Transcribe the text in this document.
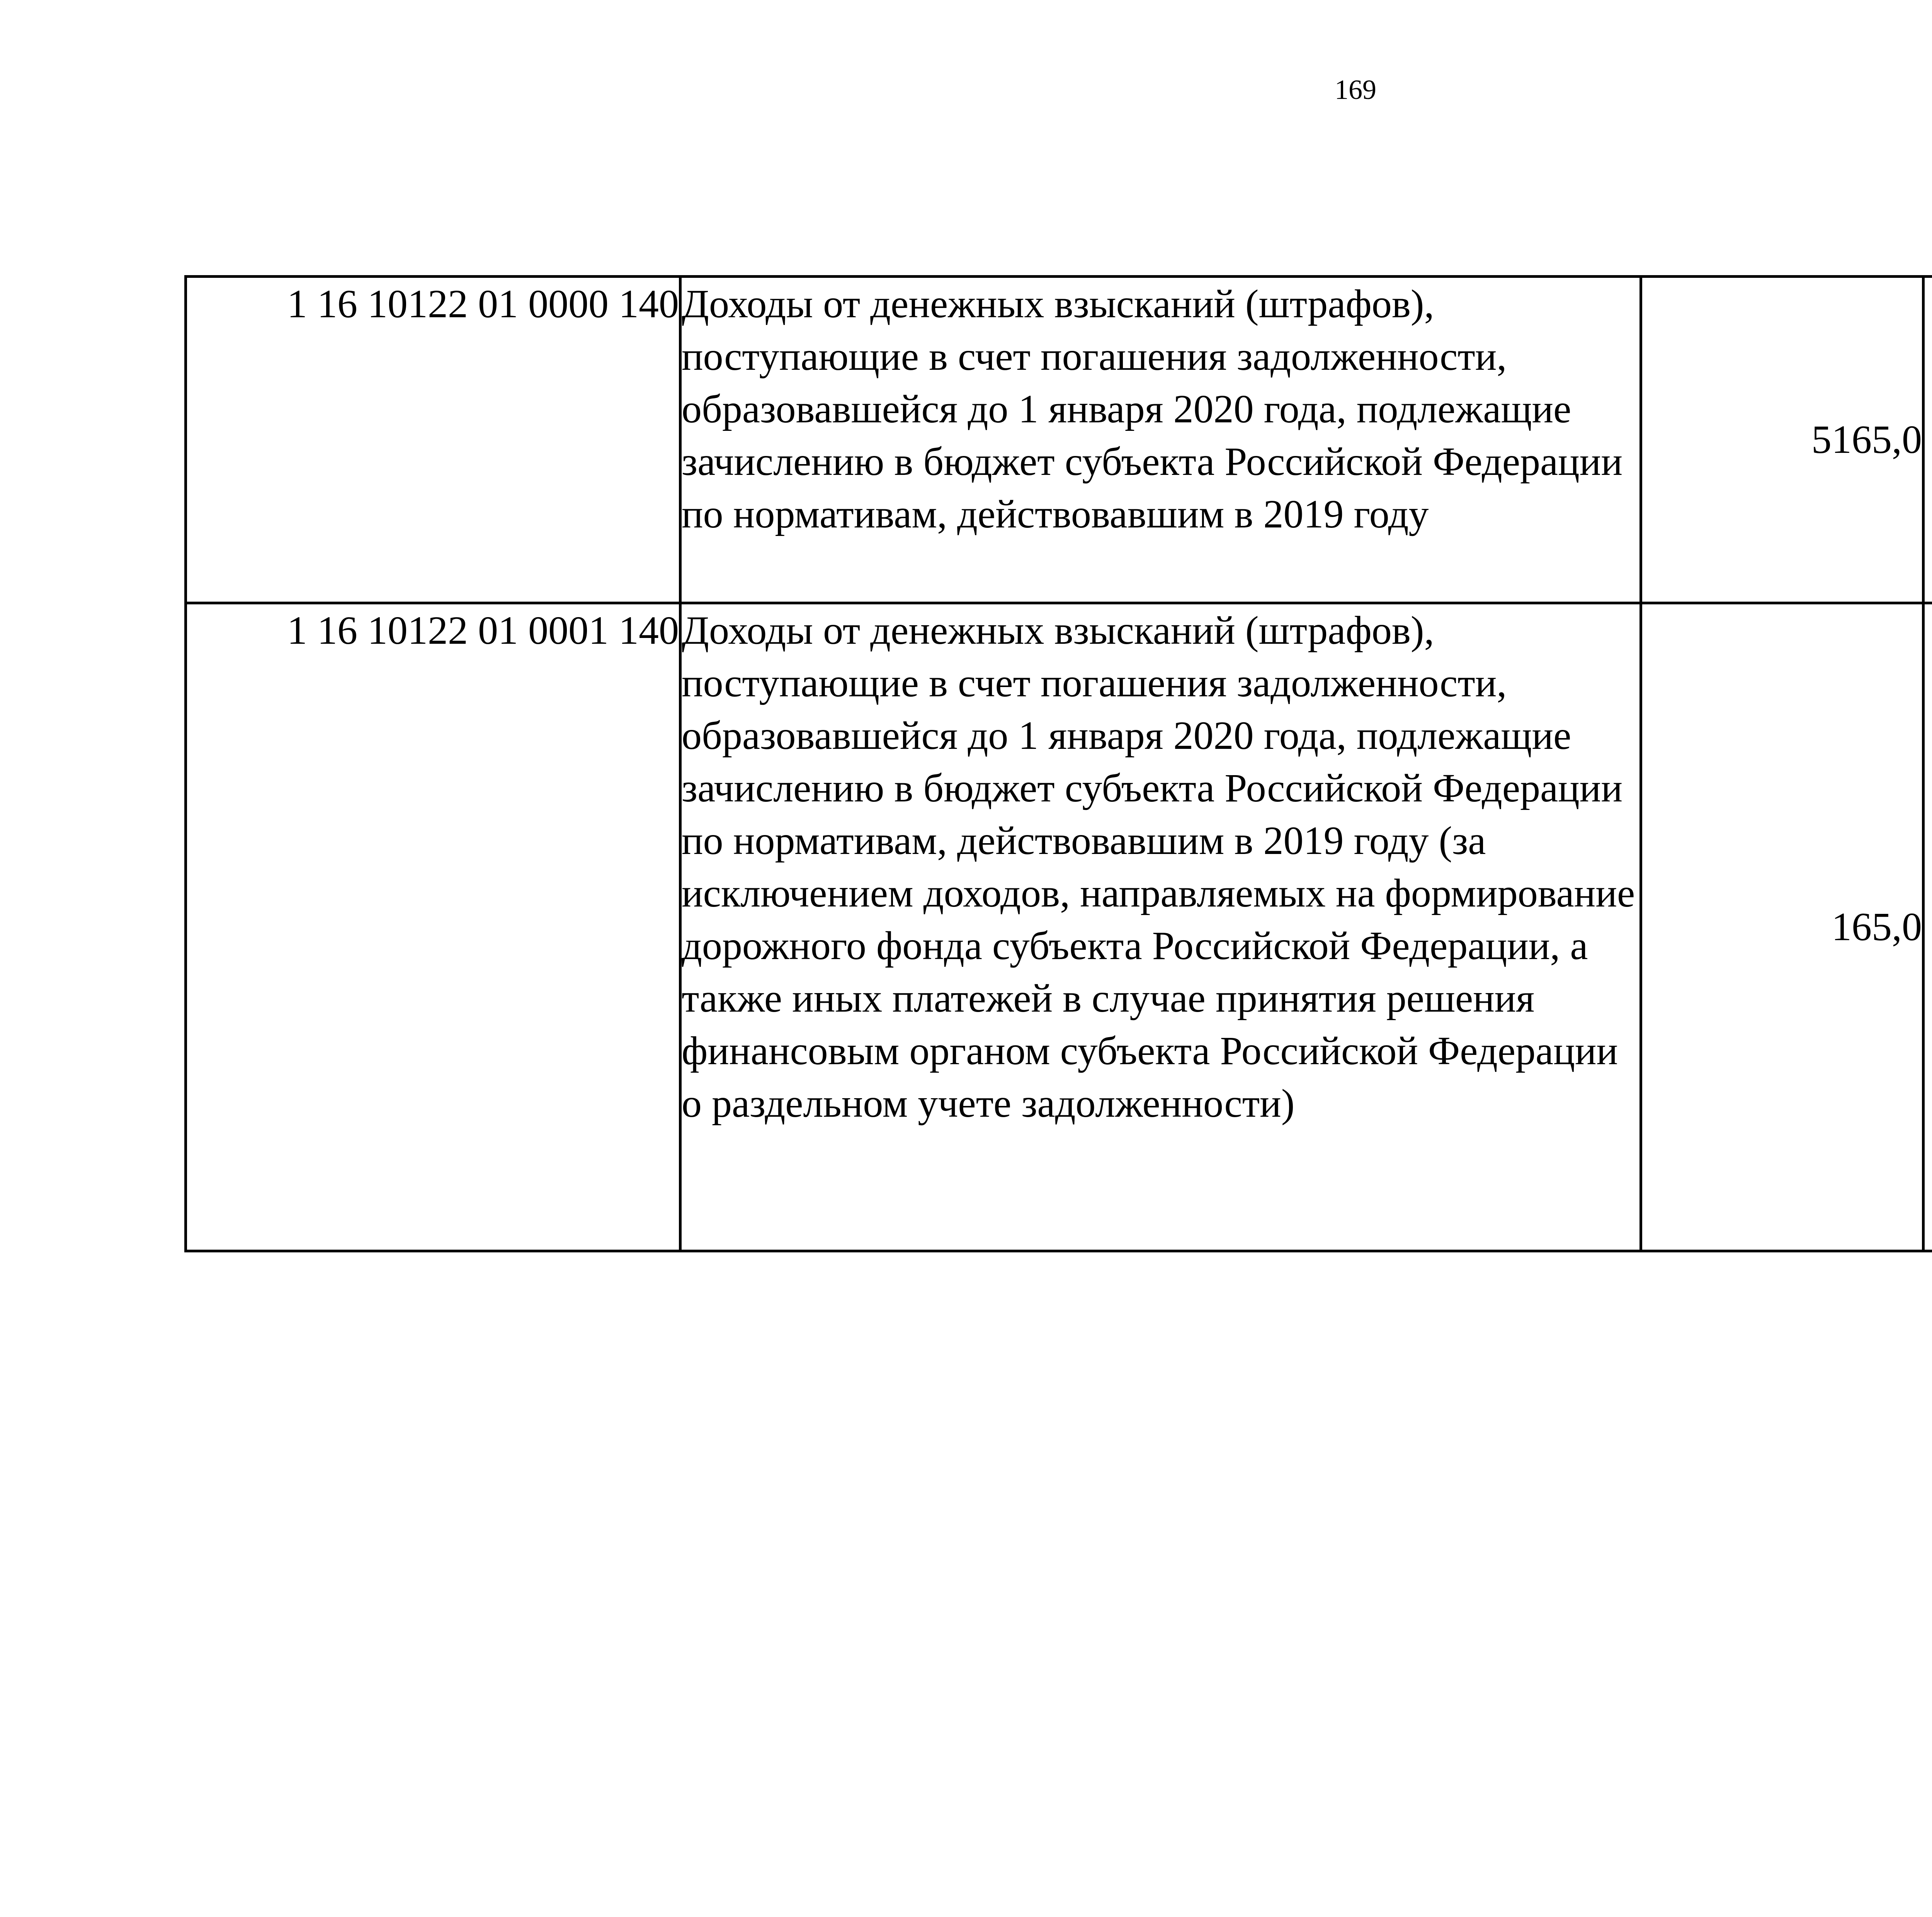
169
1 16 10122 01 0000 140	Доходы от денежных взысканий (штрафов), поступающие в счет погашения задолженности, образовавшейся до 1 января 2020 года, подлежащие зачислению в бюджет субъекта Российской Федерации по нормативам, действовавшим в 2019 году	5165,0		
1 16 10122 01 0001 140	Доходы от денежных взысканий (штрафов), поступающие в счет погашения задолженности, образовавшейся до 1 января 2020 года, подлежащие зачислению в бюджет субъекта Российской Федерации по нормативам, действовавшим в 2019 году (за исключением доходов, направляемых на формирование дорожного фонда субъекта Российской Федерации, а также иных платежей в случае принятия решения финансовым органом субъекта Российской Федерации о раздельном учете задолженности)	165,0		
